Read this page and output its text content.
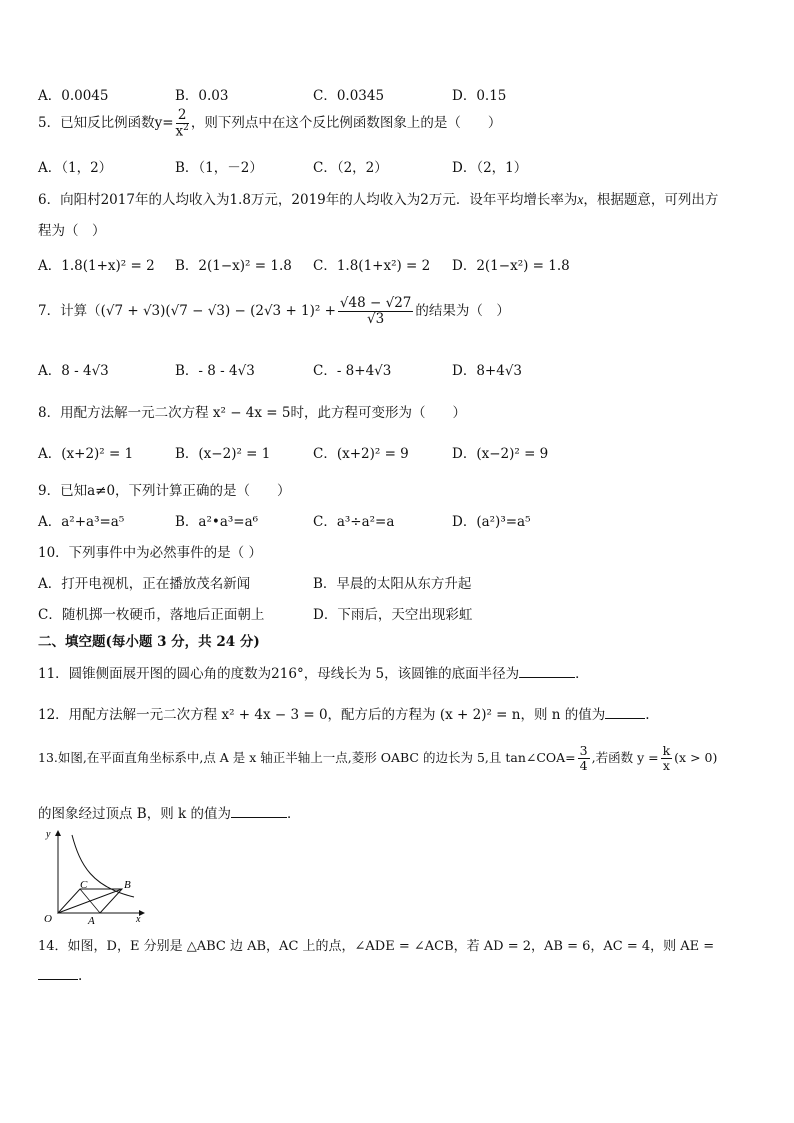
A．0.0045	B．0.03	C．0.0345	D．0.15
5．已知反比例函数$y= \frac{2}{x^2}$ ，则下列点中在这个反比例函数图象上的是（　　）
A．（1，2）	B．（1，－2）	C．（2，2）	D．（2，1）
6．向阳村2017年的人均收入为1.8万元，2019年的人均收入为2万元．设年平均增长率为x，根据题意，可列出方
程为（　）
A．1.8(1+x)² = 2 B．2(1−x)² = 1.8 C．1.8(1+x²) = 2 D．2(1−x²) = 1.8
7．计算（$(√7 + √3)(√7 - √3) - (2√3 + 1)^2 + \frac{√48 - √27}{√3}$ 的结果为（　）
A．8 - 4√3	B．- 8 - 4√3	C．- 8+4√3	D．8+4√3
8．用配方法解一元二次方程 x² − 4x = 5时，此方程可变形为（　　）
A．(x+2)² = 1	B．(x−2)² = 1	C．(x+2)² = 9	D．(x−2)² = 9
9．已知a≠0，下列计算正确的是（　　）
A．a²+a³=a⁵	B．a²•a³=a⁶	C．a³÷a²=a	D．(a²)³=a⁵
10．下列事件中为必然事件的是（ ）
A．打开电视机，正在播放茂名新闻	B．早晨的太阳从东方升起
C．随机掷一枚硬币，落地后正面朝上	D．下雨后，天空出现彩虹
二、填空题(每小题 3 分，共 24 分)
11．圆锥侧面展开图的圆心角的度数为216°，母线长为 5，该圆锥的底面半径为	．
12．用配方法解一元二次方程 x² + 4x − 3 = 0，配方后的方程为 (x + 2)² = n，则 n 的值为	.
13.如图,在平面直角坐标系中,点 A 是 x 轴正半轴上一点,菱形 OABC 的边长为 5,且 tan∠COA= $\frac{3}{4}$ ,若函数 $y = \frac{k}{x} (x > 0)$
的图象经过顶点 B，则 k 的值为	．
y
x
O	A
B
C
14．如图，D，E 分别是 △ABC 边 AB，AC 上的点，∠ADE = ∠ACB，若 AD = 2，AB = 6，AC = 4，则 AE =
.
